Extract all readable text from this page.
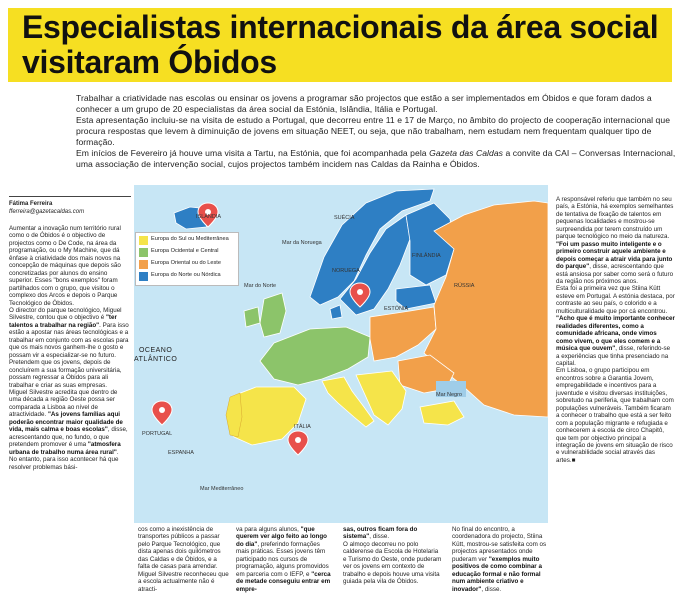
Especialistas internacionais da área social visitaram Óbidos

Trabalhar a criatividade nas escolas ou ensinar os jovens a programar são projectos que estão a ser implementados em Óbidos e que foram dados a conhecer a um grupo de 20 especialistas da área social da Estónia, Islândia, Itália e Portugal.

Esta apresentação incluiu-se na visita de estudo a Portugal, que decorreu entre 11 e 17 de Março, no âmbito do projecto de cooperação internacional que procura respostas que levem à diminuição de jovens em situação NEET, ou seja, que não trabalham, nem estudam nem frequentam qualquer tipo de formação.

Em inícios de Fevereiro já houve uma visita a Tartu, na Estónia, que foi acompanhada pela Gazeta das Caldas a convite da CAI – Conversas Internacional, uma associação de intervenção social, cujos projectos também incidem nas Caldas da Rainha e Óbidos.

Fátima Ferreira
fferreira@gazetacaldas.com

Aumentar a inovação num território rural como o de Óbidos é o objectivo de projectos como o De Code, na área da programação, ou o My Machine, que dá ênfase à criatividade dos mais novos na concepção de máquinas que depois são concretizadas por alunos do ensino superior. Esses "bons exemplos" foram partilhados com o grupo, que visitou o complexo dos Arcos e depois o Parque Tecnológico de Óbidos.

O director do parque tecnológico, Miguel Silvestre, contou que o objectivo é "ter talentos a trabalhar na região". Para isso estão a apostar nas áreas tecnológicas e a trabalhar em conjunto com as escolas para que os mais novos ganhem-lhe o gosto e possam vir a especializar-se no futuro. Pretendem que os jovens, depois de concluírem a sua formação universitária, possam regressar a Óbidos para ali trabalhar e criar as suas empresas.

Miguel Silvestre acredita que dentro de uma década a região Oeste possa ser comparada a Lisboa ao nível de atractividade. "As jovens famílias aqui poderão encontrar maior qualidade de vida, mais calma e boas escolas", disse, acrescentando que, no fundo, o que pretendem promover é uma "atmosfera urbana de trabalho numa área rural".

No entanto, para isso acontecer há que resolver problemas bási-

cos como a inexistência de transportes públicos a passar pelo Parque Tecnológico, que dista apenas dois quilómetros das Caldas e de Óbidos, e a falta de casas para arrendar. Miguel Silvestre reconheceu que a escola actualmente não é atracti-

va para alguns alunos, "que querem ver algo feito ao longo do dia", preferindo formações mais práticas. Esses jovens têm participado nos cursos de programação, alguns promovidos em parceria com o IEFP, e "cerca de metade conseguiu entrar em empre-

sas, outros ficam fora do sistema", disse.

O almoço decorreu no polo calderense da Escola de Hotelaria e Turismo do Oeste, onde puderam ver os jovens em contexto de trabalho e depois houve uma visita guiada pela vila de Óbidos.

No final do encontro, a coordenadora do projecto, Stiina Kütt, mostrou-se satisfeita com os projectos apresentados onde puderam ver "exemplos muito positivos de como combinar a educação formal e não formal num ambiente criativo e inovador", disse.

A responsável referiu que também no seu país, a Estónia, há exemplos semelhantes de tentativa de fixação de talentos em pequenas localidades e mostrou-se surpreendida por terem construído um parque tecnológico no meio da natureza. "Foi um passo muito inteligente e o primeiro construir aquele ambiente e depois começar a atrair vida para junto do parque", disse, acrescentando que está ansiosa por saber como será o futuro da região nos próximos anos.

Esta foi a primeira vez que Stiina Kütt esteve em Portugal. A estónia destaca, por contraste ao seu país, o colorido e a multiculturalidade que por cá encontrou.

"Acho que é muito importante conhecer realidades diferentes, como a comunidade africana, onde vimos como vivem, o que eles comem e a música que ouvem", disse, referindo-se a experiências que tinha presenciado na capital.

Em Lisboa, o grupo participou em encontros sobre a Garantia Jovem, empregabilidade e incentivos para a juventude e visitou diversas instituições, sobretudo na periferia, que trabalham com populações vulneráveis. Também ficaram a conhecer o trabalho que está a ser feito com a população migrante e refugiada e conhecerem a escola de circo Chapitô, que tem por objectivo principal a integração de jovens em situação de risco e vulnerabilidade social através das artes.■

Europa do Sul ou Mediterrânea
Europa Ocidental e Central
Europa Oriental ou do Leste
Europa do Norte ou Nórdica
OCEANO
ATLÂNTICO
ISLÂNDIA
Mar da Noruega
SUÉCIA
FINLÂNDIA
Mar do Norte
NORUEGA
RÚSSIA
ESTÓNIA
PORTUGAL
ESPANHA
ITÁLIA
Mar Mediterrâneo
Mar Negro
